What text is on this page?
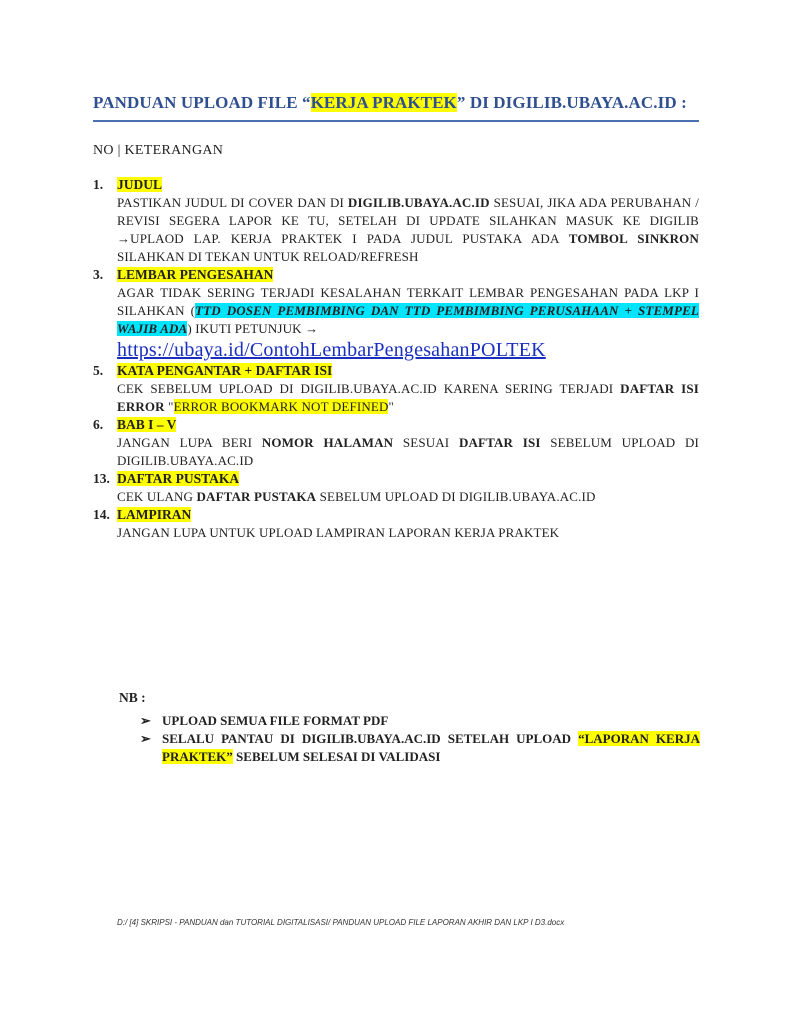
PANDUAN UPLOAD FILE “KERJA PRAKTEK” DI DIGILIB.UBAYA.AC.ID :
NO | KETERANGAN
1. JUDUL
PASTIKAN JUDUL DI COVER DAN DI DIGILIB.UBAYA.AC.ID SESUAI, JIKA ADA PERUBAHAN / REVISI SEGERA LAPOR KE TU, SETELAH DI UPDATE SILAHKAN MASUK KE DIGILIB →UPLAOD LAP. KERJA PRAKTEK I PADA JUDUL PUSTAKA ADA TOMBOL SINKRON SILAHKAN DI TEKAN UNTUK RELOAD/REFRESH
3. LEMBAR PENGESAHAN
AGAR TIDAK SERING TERJADI KESALAHAN TERKAIT LEMBAR PENGESAHAN PADA LKP I SILAHKAN (TTD DOSEN PEMBIMBING DAN TTD PEMBIMBING PERUSAHAAN + STEMPEL WAJIB ADA) IKUTI PETUNJUK →
https://ubaya.id/ContohLembarPengesahanPOLTEK
5. KATA PENGANTAR + DAFTAR ISI
CEK SEBELUM UPLOAD DI DIGILIB.UBAYA.AC.ID KARENA SERING TERJADI DAFTAR ISI ERROR "ERROR BOOKMARK NOT DEFINED"
6. BAB I – V
JANGAN LUPA BERI NOMOR HALAMAN SESUAI DAFTAR ISI SEBELUM UPLOAD DI DIGILIB.UBAYA.AC.ID
13. DAFTAR PUSTAKA
CEK ULANG DAFTAR PUSTAKA SEBELUM UPLOAD DI DIGILIB.UBAYA.AC.ID
14. LAMPIRAN
JANGAN LUPA UNTUK UPLOAD LAMPIRAN LAPORAN KERJA PRAKTEK
NB :
➢ UPLOAD SEMUA FILE FORMAT PDF
➢ SELALU PANTAU DI DIGILIB.UBAYA.AC.ID SETELAH UPLOAD “LAPORAN KERJA PRAKTEK” SEBELUM SELESAI DI VALIDASI
D:/ [4] SKRIPSI - PANDUAN dan TUTORIAL DIGITALISASI/ PANDUAN UPLOAD FILE LAPORAN AKHIR DAN LKP I D3.docx
